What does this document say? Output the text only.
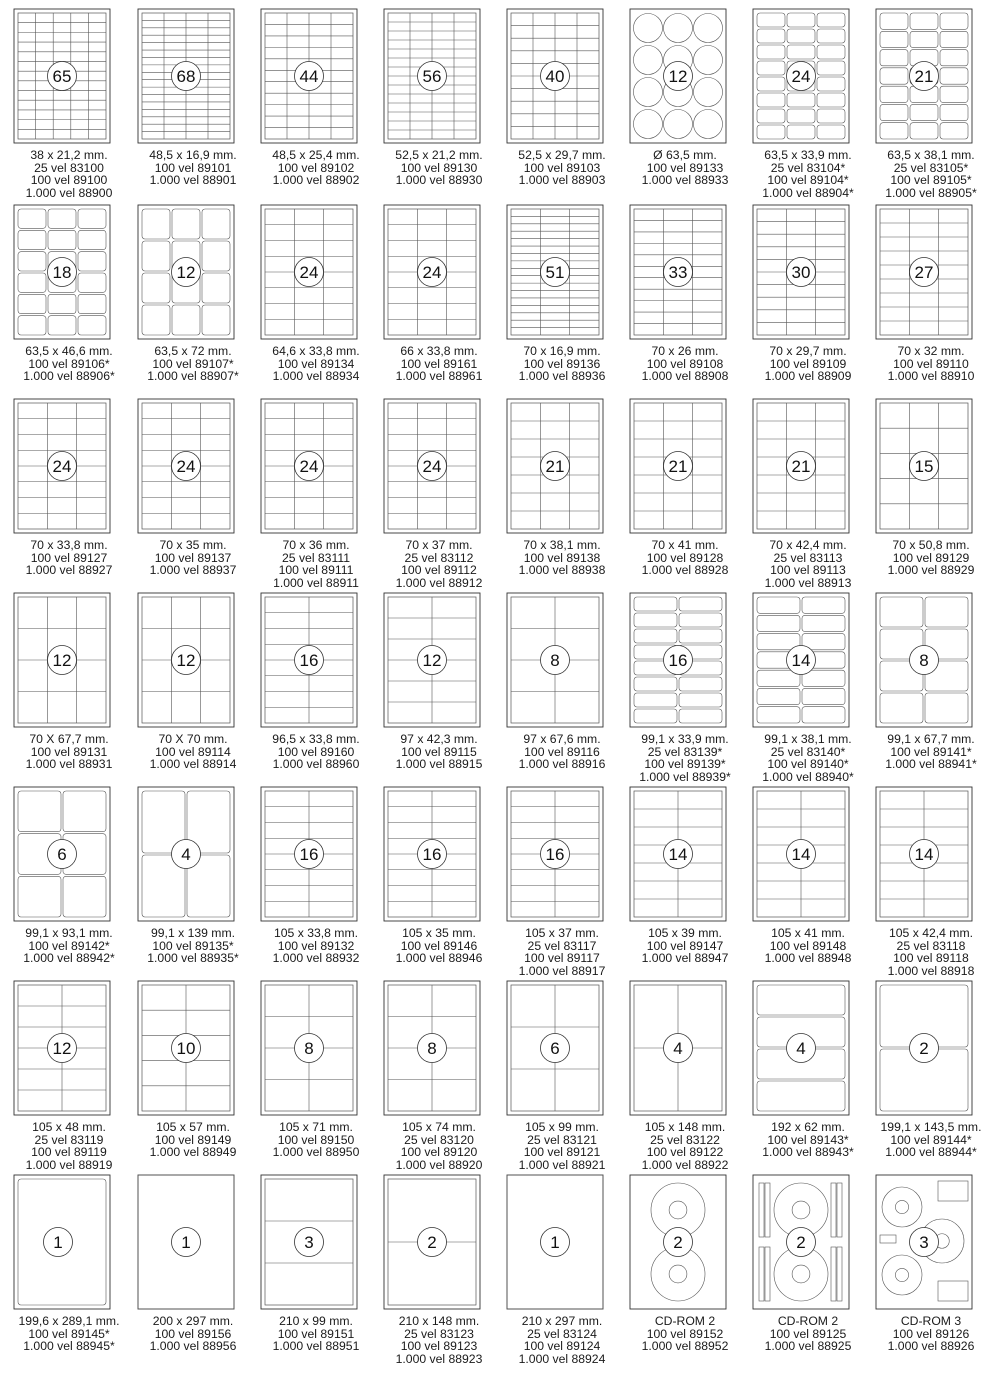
65
38 x 21,2 mm.
25 vel 83100
100 vel 89100
1.000 vel 88900
68
48,5 x 16,9 mm.
100 vel 89101
1.000 vel 88901
44
48,5 x 25,4 mm.
100 vel 89102
1.000 vel 88902
56
52,5 x 21,2 mm.
100 vel 89130
1.000 vel 88930
40
52,5 x 29,7 mm.
100 vel 89103
1.000 vel 88903
12
Ø 63,5 mm.
100 vel 89133
1.000 vel 88933
24
63,5 x 33,9 mm.
25 vel 83104*
100 vel 89104*
1.000 vel 88904*
21
63,5 x 38,1 mm.
25 vel 83105*
100 vel 89105*
1.000 vel 88905*
18
63,5 x 46,6 mm.
100 vel 89106*
1.000 vel 88906*
12
63,5 x 72 mm.
100 vel 89107*
1.000 vel 88907*
24
64,6 x 33,8 mm.
100 vel 89134
1.000 vel 88934
24
66 x 33,8 mm.
100 vel 89161
1.000 vel 88961
51
70 x 16,9 mm.
100 vel 89136
1.000 vel 88936
33
70 x 26 mm.
100 vel 89108
1.000 vel 88908
30
70 x 29,7 mm.
100 vel 89109
1.000 vel 88909
27
70 x 32 mm.
100 vel 89110
1.000 vel 88910
24
70 x 33,8 mm.
100 vel 89127
1.000 vel 88927
24
70 x 35 mm.
100 vel 89137
1.000 vel 88937
24
70 x 36 mm.
25 vel 83111
100 vel 89111
1.000 vel 88911
24
70 x 37 mm.
25 vel 83112
100 vel 89112
1.000 vel 88912
21
70 x 38,1 mm.
100 vel 89138
1.000 vel 88938
21
70 x 41 mm.
100 vel 89128
1.000 vel 88928
21
70 x 42,4 mm.
25 vel 83113
100 vel 89113
1.000 vel 88913
15
70 x 50,8 mm.
100 vel 89129
1.000 vel 88929
12
70 X 67,7 mm.
100 vel 89131
1.000 vel 88931
12
70 X 70 mm.
100 vel 89114
1.000 vel 88914
16
96,5 x 33,8 mm.
100 vel 89160
1.000 vel 88960
12
97 x 42,3 mm.
100 vel 89115
1.000 vel 88915
8
97 x 67,6 mm.
100 vel 89116
1.000 vel 88916
16
99,1 x 33,9 mm.
25 vel 83139*
100 vel 89139*
1.000 vel 88939*
14
99,1 x 38,1 mm.
25 vel 83140*
100 vel 89140*
1.000 vel 88940*
8
99,1 x 67,7 mm.
100 vel 89141*
1.000 vel 88941*
6
99,1 x 93,1 mm.
100 vel 89142*
1.000 vel 88942*
4
99,1 x 139 mm.
100 vel 89135*
1.000 vel 88935*
16
105 x 33,8 mm.
100 vel 89132
1.000 vel 88932
16
105 x 35 mm.
100 vel 89146
1.000 vel 88946
16
105 x 37 mm.
25 vel 83117
100 vel 89117
1.000 vel 88917
14
105 x 39 mm.
100 vel 89147
1.000 vel 88947
14
105 x 41 mm.
100 vel 89148
1.000 vel 88948
14
105 x 42,4 mm.
25 vel 83118
100 vel 89118
1.000 vel 88918
12
105 x 48 mm.
25 vel 83119
100 vel 89119
1.000 vel 88919
10
105 x 57 mm.
100 vel 89149
1.000 vel 88949
8
105 x 71 mm.
100 vel 89150
1.000 vel 88950
8
105 x 74 mm.
25 vel 83120
100 vel 89120
1.000 vel 88920
6
105 x 99 mm.
25 vel 83121
100 vel 89121
1.000 vel 88921
4
105 x 148 mm.
25 vel 83122
100 vel 89122
1.000 vel 88922
4
192 x 62 mm.
100 vel 89143*
1.000 vel 88943*
2
199,1 x 143,5 mm.
100 vel 89144*
1.000 vel 88944*
1
199,6 x 289,1 mm.
100 vel 89145*
1.000 vel 88945*
1
200 x 297 mm.
100 vel 89156
1.000 vel 88956
3
210 x 99 mm.
100 vel 89151
1.000 vel 88951
2
210 x 148 mm.
25 vel 83123
100 vel 89123
1.000 vel 88923
1
210 x 297 mm.
25 vel 83124
100 vel 89124
1.000 vel 88924
2
CD-ROM 2
100 vel 89152
1.000 vel 88952
2
CD-ROM 2
100 vel 89125
1.000 vel 88925
3
CD-ROM 3
100 vel 89126
1.000 vel 88926
